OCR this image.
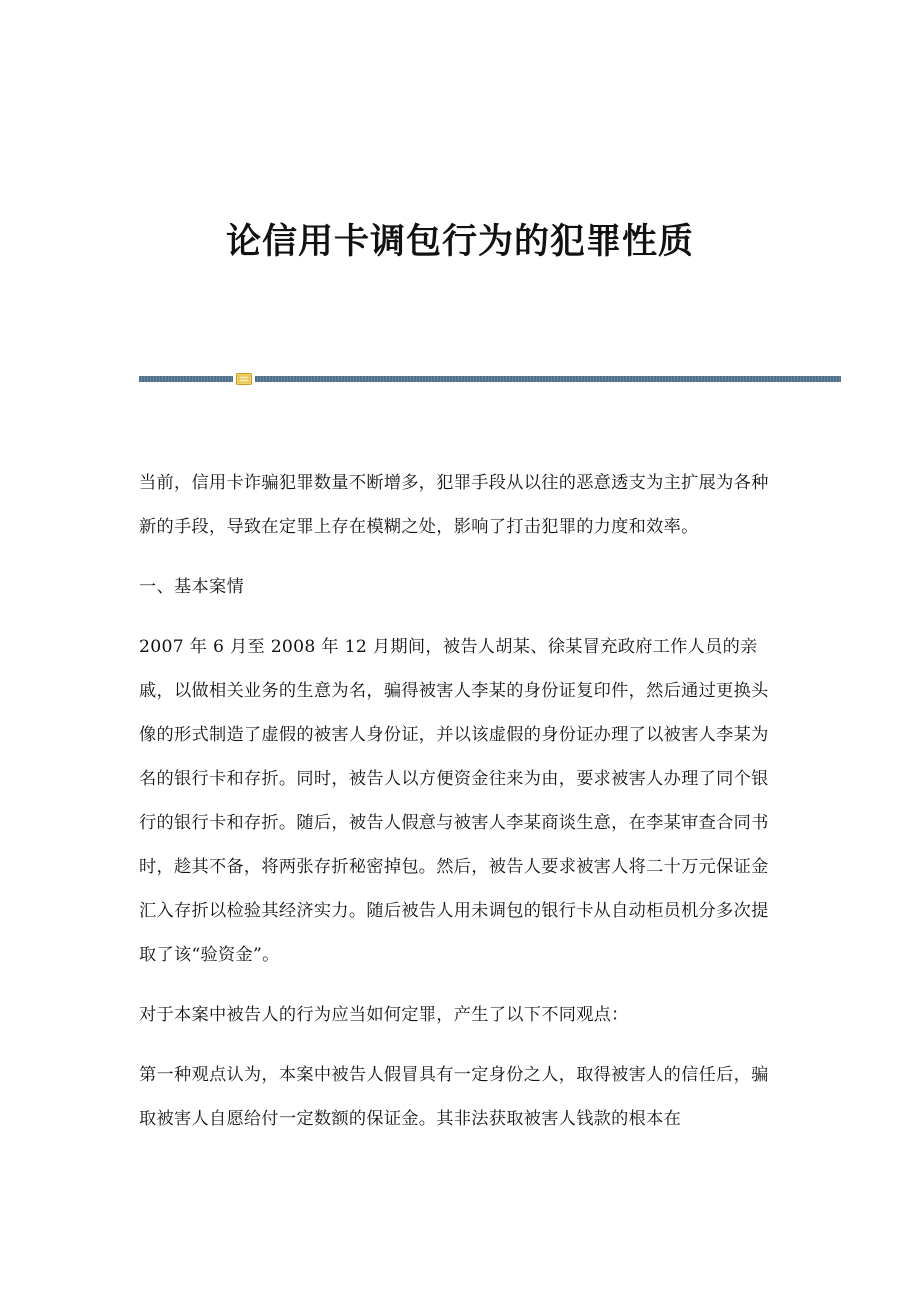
论信用卡调包行为的犯罪性质

当前，信用卡诈骗犯罪数量不断增多，犯罪手段从以往的恶意透支为主扩展为各种新的手段，导致在定罪上存在模糊之处，影响了打击犯罪的力度和效率。

一、基本案情

2007 年 6 月至 2008 年 12 月期间，被告人胡某、徐某冒充政府工作人员的亲戚，以做相关业务的生意为名，骗得被害人李某的身份证复印件，然后通过更换头像的形式制造了虚假的被害人身份证，并以该虚假的身份证办理了以被害人李某为名的银行卡和存折。同时，被告人以方便资金往来为由，要求被害人办理了同个银行的银行卡和存折。随后，被告人假意与被害人李某商谈生意，在李某审查合同书时，趁其不备，将两张存折秘密掉包。然后，被告人要求被害人将二十万元保证金汇入存折以检验其经济实力。随后被告人用未调包的银行卡从自动柜员机分多次提取了该“验资金”。

对于本案中被告人的行为应当如何定罪，产生了以下不同观点：

第一种观点认为，本案中被告人假冒具有一定身份之人，取得被害人的信任后，骗取被害人自愿给付一定数额的保证金。其非法获取被害人钱款的根本在
